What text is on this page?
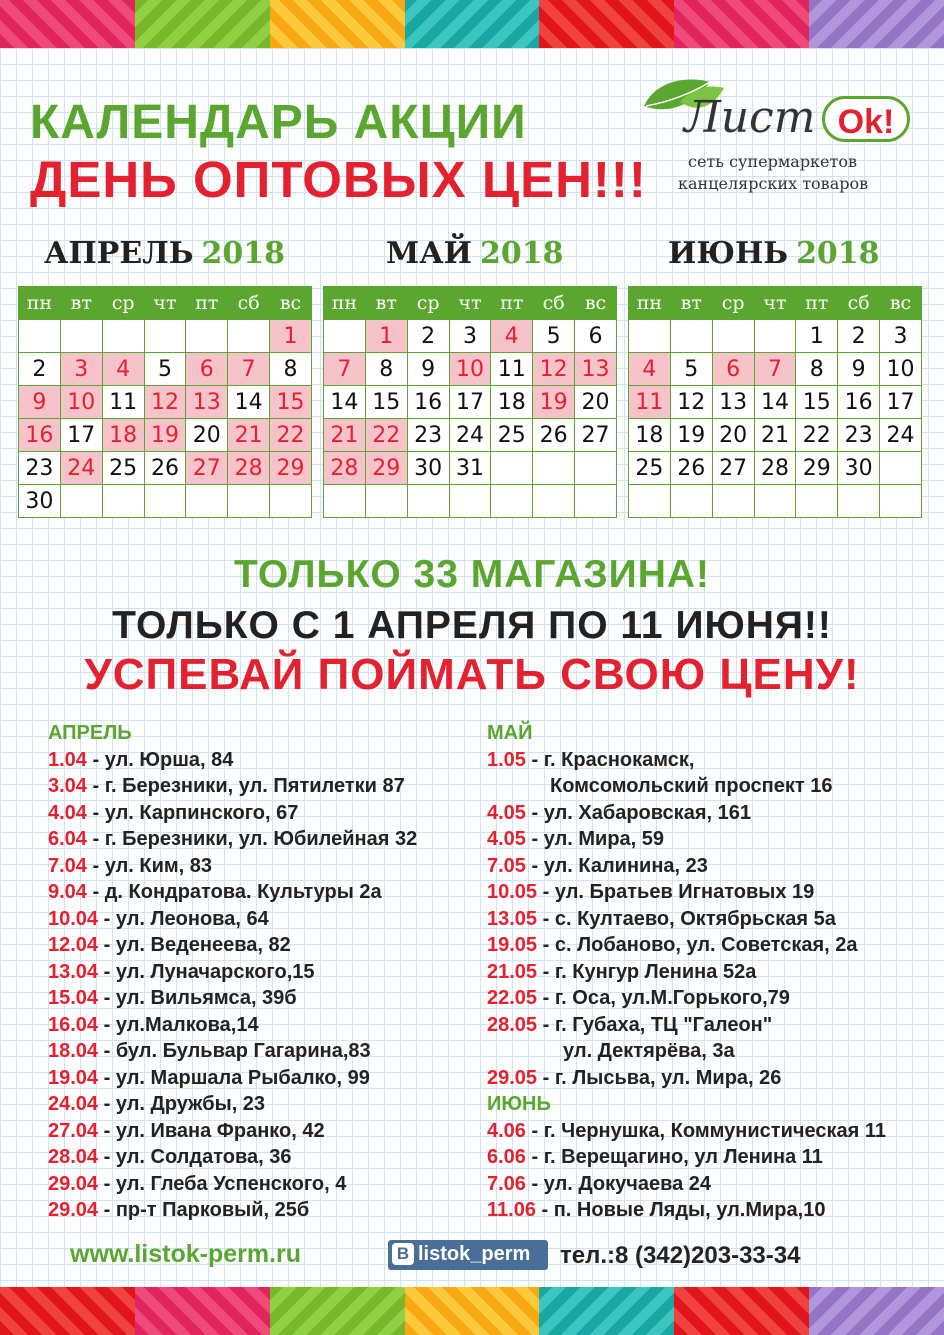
КАЛЕНДАРЬ АКЦИИ
ДЕНЬ ОПТОВЫХ ЦЕН!!!
Лист Ok!
сеть супермаркетов
канцелярских товаров
АПРЕЛЬ 2018	МАЙ 2018	ИЮНЬ 2018
пн	вт	ср	чт	пт	сб	вс
						1
2	3	4	5	6	7	8
9	10	11	12	13	14	15
16	17	18	19	20	21	22
23	24	25	26	27	28	29
30						
пн	вт	ср	чт	пт	сб	вс
	1	2	3	4	5	6
7	8	9	10	11	12	13
14	15	16	17	18	19	20
21	22	23	24	25	26	27
28	29	30	31			

пн	вт	ср	чт	пт	сб	вс
				1	2	3
4	5	6	7	8	9	10
11	12	13	14	15	16	17
18	19	20	21	22	23	24
25	26	27	28	29	30	

ТОЛЬКО 33 МАГАЗИНА!
ТОЛЬКО С 1 АПРЕЛЯ ПО 11 ИЮНЯ!!
УСПЕВАЙ ПОЙМАТЬ СВОЮ ЦЕНУ!
АПРЕЛЬ
1.04 - ул. Юрша, 84
3.04 - г. Березники, ул. Пятилетки 87
4.04 - ул. Карпинского, 67
6.04 - г. Березники, ул. Юбилейная 32
7.04 - ул. Ким, 83
9.04 - д. Кондратова. Культуры 2а
10.04 - ул. Леонова, 64
12.04 - ул. Веденеева, 82
13.04 - ул. Луначарского,15
15.04 - ул. Вильямса, 39б
16.04 - ул.Малкова,14
18.04 - бул. Бульвар Гагарина,83
19.04 - ул. Маршала Рыбалко, 99
24.04 - ул. Дружбы, 23
27.04 - ул. Ивана Франко, 42
28.04 - ул. Солдатова, 36
29.04 - ул. Глеба Успенского, 4
29.04 - пр-т Парковый, 25б
МАЙ
1.05 - г. Краснокамск,
Комсомольский проспект 16
4.05 - ул. Хабаровская, 161
4.05 - ул. Мира, 59
7.05 - ул. Калинина, 23
10.05 - ул. Братьев Игнатовых 19
13.05 - с. Култаево, Октябрьская 5а
19.05 - с. Лобаново, ул. Советская, 2а
21.05 - г. Кунгур Ленина 52а
22.05 - г. Оса, ул.М.Горького,79
28.05 - г. Губаха, ТЦ "Галеон"
ул. Дектярёва, 3а
29.05 - г. Лысьва, ул. Мира, 26
ИЮНЬ
4.06 - г. Чернушка, Коммунистическая 11
6.06 - г. Верещагино, ул Ленина 11
7.06 - ул. Докучаева 24
11.06 - п. Новые Ляды, ул.Мира,10
www.listok-perm.ru	В listok_perm тел.:8 (342)203-33-34
